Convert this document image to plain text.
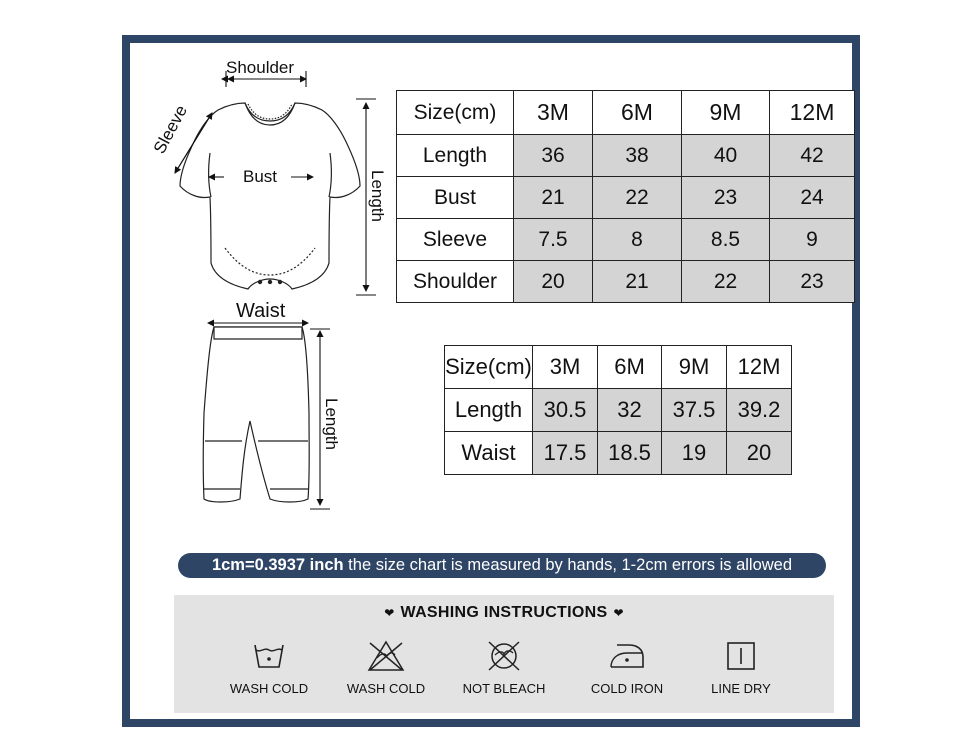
Shoulder
Bust
Sleeve
Length
Waist
Length
Size(cm)	3M	6M	9M	12M
Length	36	38	40	42
Bust	21	22	23	24
Sleeve	7.5	8	8.5	9
Shoulder	20	21	22	23
Size(cm)	3M	6M	9M	12M
Length	30.5	32	37.5	39.2
Waist	17.5	18.5	19	20
1cm=0.3937 inch the size chart is measured by hands, 1-2cm errors is allowed
❤ WASHING INSTRUCTIONS ❤
WASH COLD	WASH COLD	NOT BLEACH	COLD IRON	LINE DRY
